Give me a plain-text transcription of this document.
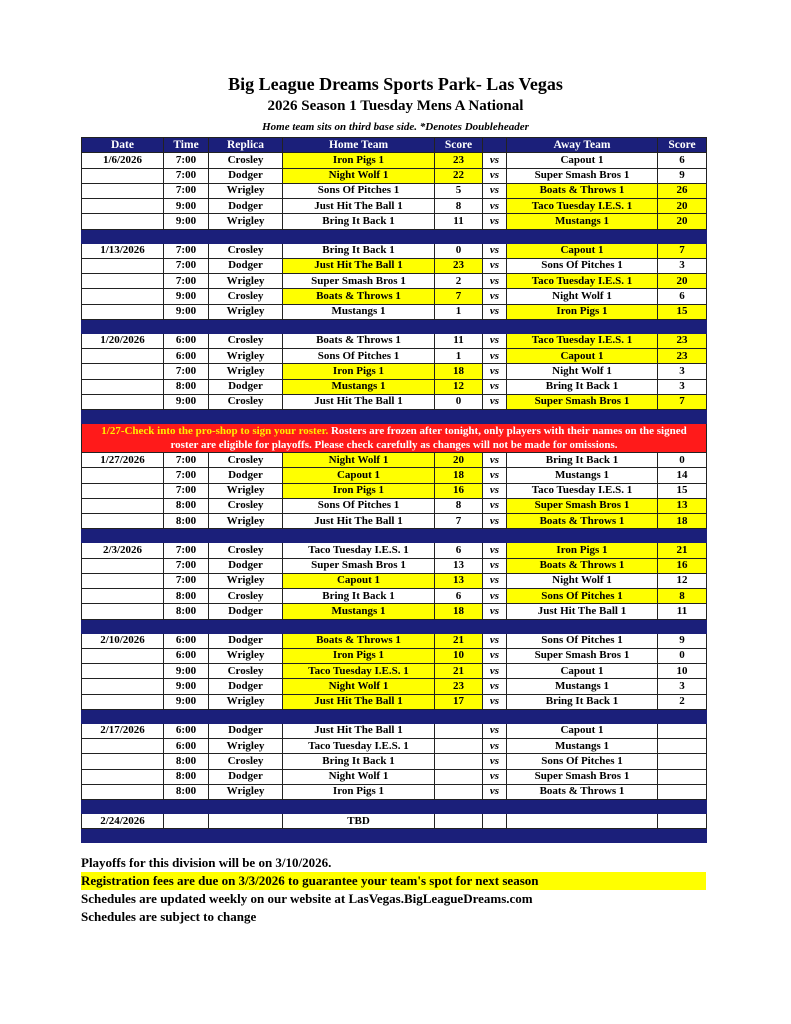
Big League Dreams Sports Park- Las Vegas
2026 Season 1 Tuesday Mens A National
Home team sits on third base side. *Denotes Doubleheader
Date	Time	Replica	Home Team	Score		Away Team	Score
1/6/2026	7:00	Crosley	Iron Pigs 1	23	vs	Capout 1	6
	7:00	Dodger	Night Wolf 1	22	vs	Super Smash Bros 1	9
	7:00	Wrigley	Sons Of Pitches 1	5	vs	Boats & Throws 1	26
	9:00	Dodger	Just Hit The Ball 1	8	vs	Taco Tuesday I.E.S. 1	20
	9:00	Wrigley	Bring It Back 1	11	vs	Mustangs 1	20

1/13/2026	7:00	Crosley	Bring It Back 1	0	vs	Capout 1	7
	7:00	Dodger	Just Hit The Ball 1	23	vs	Sons Of Pitches 1	3
	7:00	Wrigley	Super Smash Bros 1	2	vs	Taco Tuesday I.E.S. 1	20
	9:00	Crosley	Boats & Throws 1	7	vs	Night Wolf 1	6
	9:00	Wrigley	Mustangs 1	1	vs	Iron Pigs 1	15

1/20/2026	6:00	Crosley	Boats & Throws 1	11	vs	Taco Tuesday I.E.S. 1	23
	6:00	Wrigley	Sons Of Pitches 1	1	vs	Capout 1	23
	7:00	Wrigley	Iron Pigs 1	18	vs	Night Wolf 1	3
	8:00	Dodger	Mustangs 1	12	vs	Bring It Back 1	3
	9:00	Crosley	Just Hit The Ball 1	0	vs	Super Smash Bros 1	7

1/27-Check into the pro-shop to sign your roster. Rosters are frozen after tonight, only players with their names on the signed roster are eligible for playoffs. Please check carefully as changes will not be made for omissions.							
1/27/2026	7:00	Crosley	Night Wolf 1	20	vs	Bring It Back 1	0
	7:00	Dodger	Capout 1	18	vs	Mustangs 1	14
	7:00	Wrigley	Iron Pigs 1	16	vs	Taco Tuesday I.E.S. 1	15
	8:00	Crosley	Sons Of Pitches 1	8	vs	Super Smash Bros 1	13
	8:00	Wrigley	Just Hit The Ball 1	7	vs	Boats & Throws 1	18

2/3/2026	7:00	Crosley	Taco Tuesday I.E.S. 1	6	vs	Iron Pigs 1	21
	7:00	Dodger	Super Smash Bros 1	13	vs	Boats & Throws 1	16
	7:00	Wrigley	Capout 1	13	vs	Night Wolf 1	12
	8:00	Crosley	Bring It Back 1	6	vs	Sons Of Pitches 1	8
	8:00	Dodger	Mustangs 1	18	vs	Just Hit The Ball 1	11

2/10/2026	6:00	Dodger	Boats & Throws 1	21	vs	Sons Of Pitches 1	9
	6:00	Wrigley	Iron Pigs 1	10	vs	Super Smash Bros 1	0
	9:00	Crosley	Taco Tuesday I.E.S. 1	21	vs	Capout 1	10
	9:00	Dodger	Night Wolf 1	23	vs	Mustangs 1	3
	9:00	Wrigley	Just Hit The Ball 1	17	vs	Bring It Back 1	2

2/17/2026	6:00	Dodger	Just Hit The Ball 1		vs	Capout 1	
	6:00	Wrigley	Taco Tuesday I.E.S. 1		vs	Mustangs 1	
	8:00	Crosley	Bring It Back 1		vs	Sons Of Pitches 1	
	8:00	Dodger	Night Wolf 1		vs	Super Smash Bros 1	
	8:00	Wrigley	Iron Pigs 1		vs	Boats & Throws 1	

2/24/2026			TBD				

Playoffs for this division will be on 3/10/2026.
Registration fees are due on 3/3/2026 to guarantee your team's spot for next season
Schedules are updated weekly on our website at LasVegas.BigLeagueDreams.com
Schedules are subject to change
